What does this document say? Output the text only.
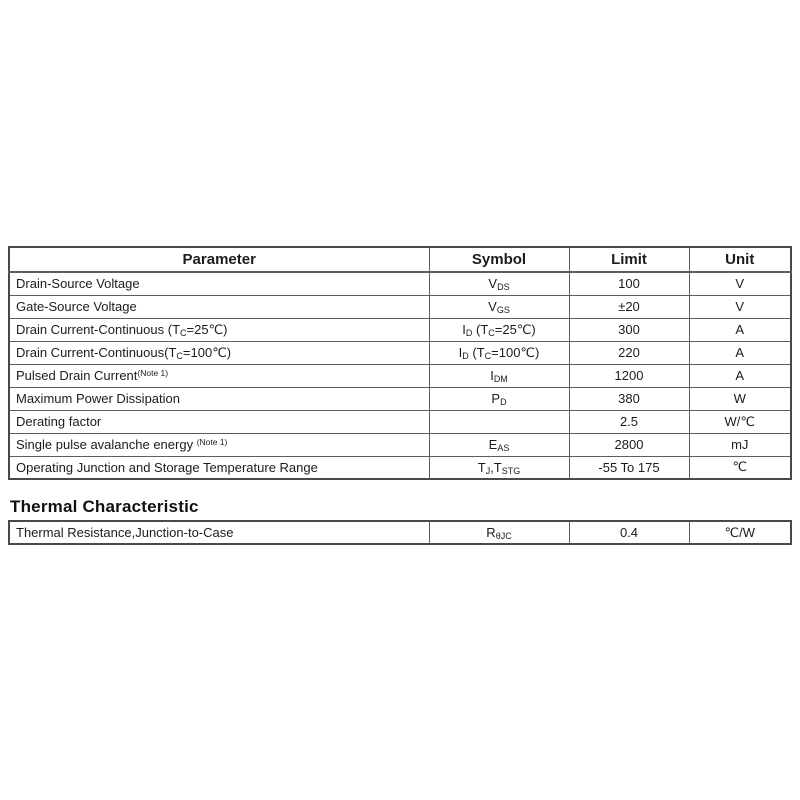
Parameter	Symbol	Limit	Unit
Drain-Source Voltage	$V_{DS}$	100	V
Gate-Source Voltage	$V_{GS}$	±20	V
Drain Current-Continuous $(T_C=25℃)$	$I_D$ $(T_C=25℃)$	300	A
Drain Current-$Continuous(T_C=100℃)$	$I_D$ $(T_C=100℃)$	220	A
Pulsed Drain Current$^{(Note 1)}$	$I_{DM}$	1200	A
Maximum Power Dissipation	$P_D$	380	W
Derating factor		2.5	W/℃
Single pulse avalanche energy $^{(Note 1)}$	$E_{AS}$	2800	mJ
Operating Junction and Storage Temperature Range	$T_J,T_{STG}$	-55 To 175	℃
Thermal Characteristic
Thermal Resistance,Junction-to-Case	$R_{\theta JC}$	0.4	℃/W
